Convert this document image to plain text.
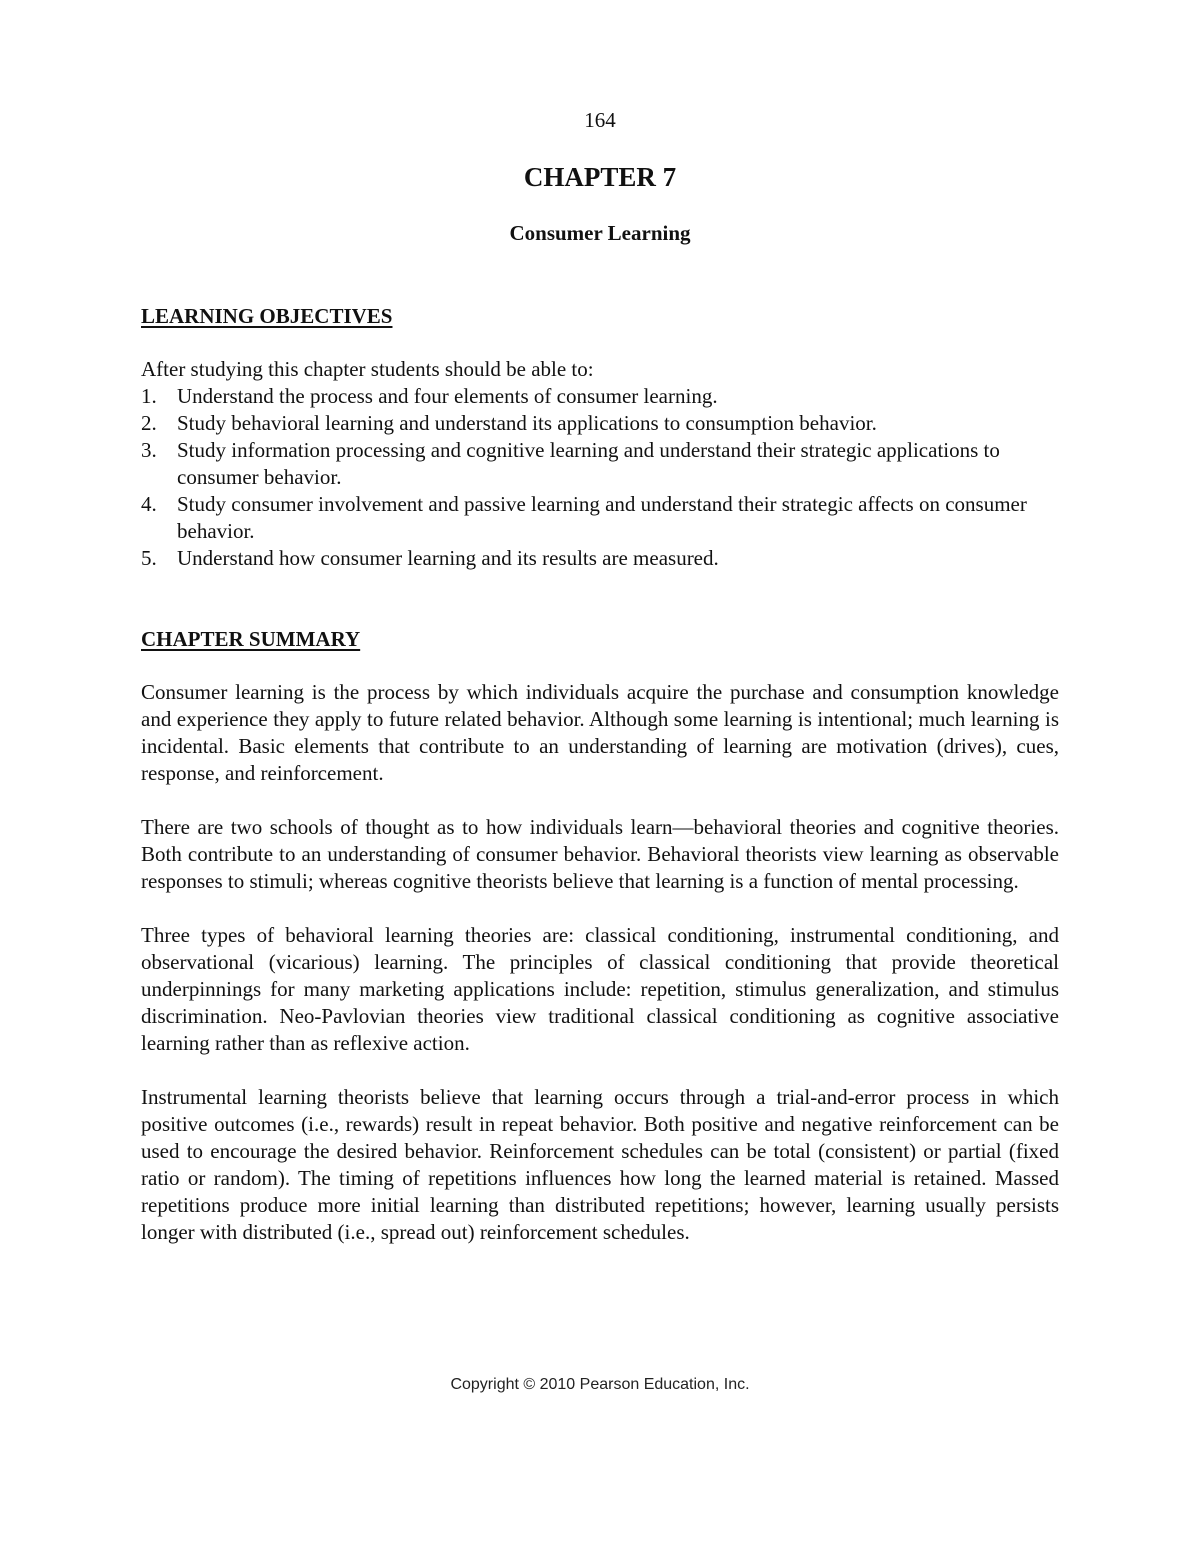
164
CHAPTER 7
Consumer Learning
LEARNING OBJECTIVES

After studying this chapter students should be able to:

1. Understand the process and four elements of consumer learning.
2. Study behavioral learning and understand its applications to consumption behavior.
3. Study information processing and cognitive learning and understand their strategic applications to consumer behavior.
4. Study consumer involvement and passive learning and understand their strategic affects on consumer behavior.
5. Understand how consumer learning and its results are measured.
CHAPTER SUMMARY

Consumer learning is the process by which individuals acquire the purchase and consumption knowledge and experience they apply to future related behavior. Although some learning is intentional; much learning is incidental. Basic elements that contribute to an understanding of learning are motivation (drives), cues, response, and reinforcement.

There are two schools of thought as to how individuals learn—behavioral theories and cognitive theories. Both contribute to an understanding of consumer behavior. Behavioral theorists view learning as observable responses to stimuli; whereas cognitive theorists believe that learning is a function of mental processing.

Three types of behavioral learning theories are: classical conditioning, instrumental conditioning, and observational (vicarious) learning. The principles of classical conditioning that provide theoretical underpinnings for many marketing applications include: repetition, stimulus generalization, and stimulus discrimination. Neo-Pavlovian theories view traditional classical conditioning as cognitive associative learning rather than as reflexive action.

Instrumental learning theorists believe that learning occurs through a trial-and-error process in which positive outcomes (i.e., rewards) result in repeat behavior. Both positive and negative reinforcement can be used to encourage the desired behavior. Reinforcement schedules can be total (consistent) or partial (fixed ratio or random). The timing of repetitions influences how long the learned material is retained. Massed repetitions produce more initial learning than distributed repetitions; however, learning usually persists longer with distributed (i.e., spread out) reinforcement schedules.

Copyright © 2010 Pearson Education, Inc.
